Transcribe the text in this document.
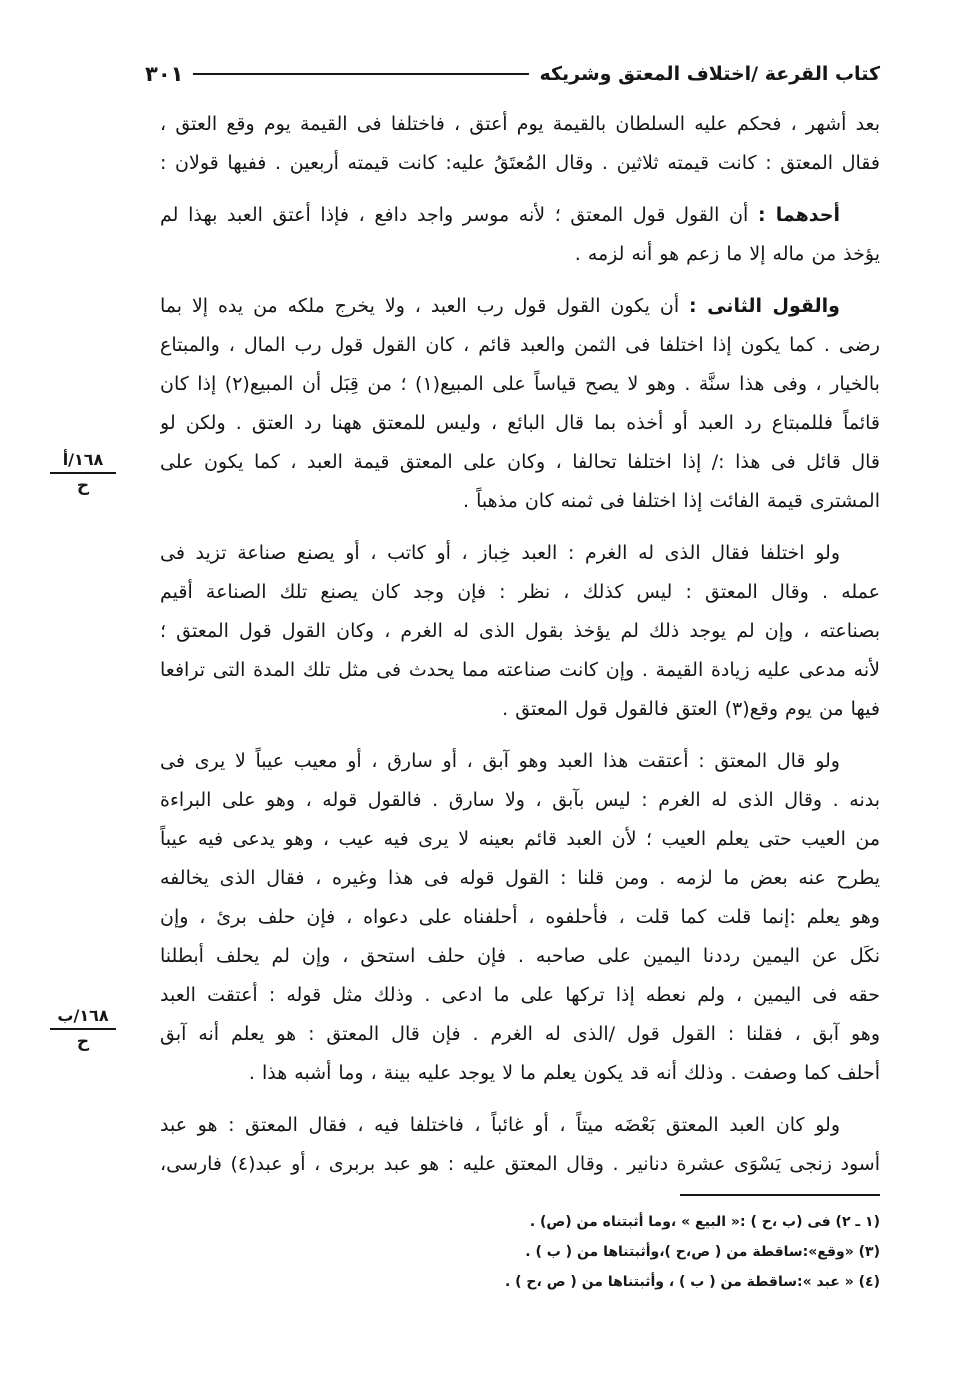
كتاب القرعة /اختلاف المعتق وشريكه
٣٠١
بعد أشهر ، فحكم عليه السلطان بالقيمة يوم أعتق ، فاختلفا فى القيمة يوم وقع العتق ،
فقال المعتق : كانت قيمته ثلاثين . وقال المُعتَقُ عليه: كانت قيمته أربعين . ففيها قولان :
أحدهما : أن القول قول المعتق ؛ لأنه موسر واجد دافع ، فإذا أعتق العبد بهذا لم
يؤخذ من ماله إلا ما زعم هو أنه لزمه .
والقول الثانى : أن يكون القول قول رب العبد ، ولا يخرج ملكه من يده إلا بما
رضى . كما يكون إذا اختلفا فى الثمن والعبد قائم ، كان القول قول رب المال ، والمبتاع
بالخيار ، وفى هذا سنَّة . وهو لا يصح قياساً على المبيع(١) ؛ من قِبَل أن المبيع(٢) إذا كان
قائماً فللمبتاع رد العبد أو أخذه بما قال البائع ، وليس للمعتق ههنا رد العتق . ولكن لو
قال قائل فى هذا :/ إذا اختلفا تحالفا ، وكان على المعتق قيمة العبد ، كما يكون على
المشترى قيمة الفائت إذا اختلفا فى ثمنه كان مذهباً .
ولو اختلفا فقال الذى له الغرم : العبد خِباز ، أو كاتب ، أو يصنع صناعة تزيد فى
عمله . وقال المعتق : ليس كذلك ، نظر : فإن وجد كان يصنع تلك الصناعة أقيم
بصناعته ، وإن لم يوجد ذلك لم يؤخذ بقول الذى له الغرم ، وكان القول قول المعتق ؛
لأنه مدعى عليه زيادة القيمة . وإن كانت صناعته مما يحدث فى مثل تلك المدة التى ترافعا
فيها من يوم وقع(٣) العتق فالقول قول المعتق .
ولو قال المعتق : أعتقت هذا العبد وهو آبق ، أو سارق ، أو معيب عيباً لا يرى فى
بدنه . وقال الذى له الغرم : ليس بآبق ، ولا سارق . فالقول قوله ، وهو على البراءة
من العيب حتى يعلم العيب ؛ لأن العبد قائم بعينه لا يرى فيه عيب ، وهو يدعى فيه عيباً
يطرح عنه بعض ما لزمه . ومن قلنا : القول قوله فى هذا وغيره ، فقال الذى يخالفه
وهو يعلم :إنما قلت كما قلت ، فأحلفوه ، أحلفناه على دعواه ، فإن حلف برئ ، وإن
نكَل عن اليمين رددنا اليمين على صاحبه . فإن حلف استحق ، وإن لم يحلف أبطلنا
حقه فى اليمين ، ولم نعطه إذا تركها على ما ادعى . وذلك مثل قوله : أعتقت العبد
وهو آبق ، فقلنا : القول قول /الذى له الغرم . فإن قال المعتق : هو يعلم أنه آبق
أحلف كما وصفت . وذلك أنه قد يكون يعلم ما لا يوجد عليه بينة ، وما أشبه هذا .
ولو كان العبد المعتق بَعْضَه ميتاً ، أو غائباً ، فاختلفا فيه ، فقال المعتق : هو عبد
أسود زنجى يَسْوَى عشرة دنانير . وقال المعتق عليه : هو عبد بربرى ، أو عبد(٤) فارسى،
١٦٨/أ
ح
١٦٨/ب
ح
(١ ـ ٢) فى (ب ،ح ) :« البيع » ،وما أثبتناه من (ص) .
(٣) «وقع»:ساقطة من ( ص،ح )،وأثبتناها من ( ب ) .
(٤) « عبد »:ساقطة من ( ب ) ، وأثبتناها من ( ص ،ح ) .
